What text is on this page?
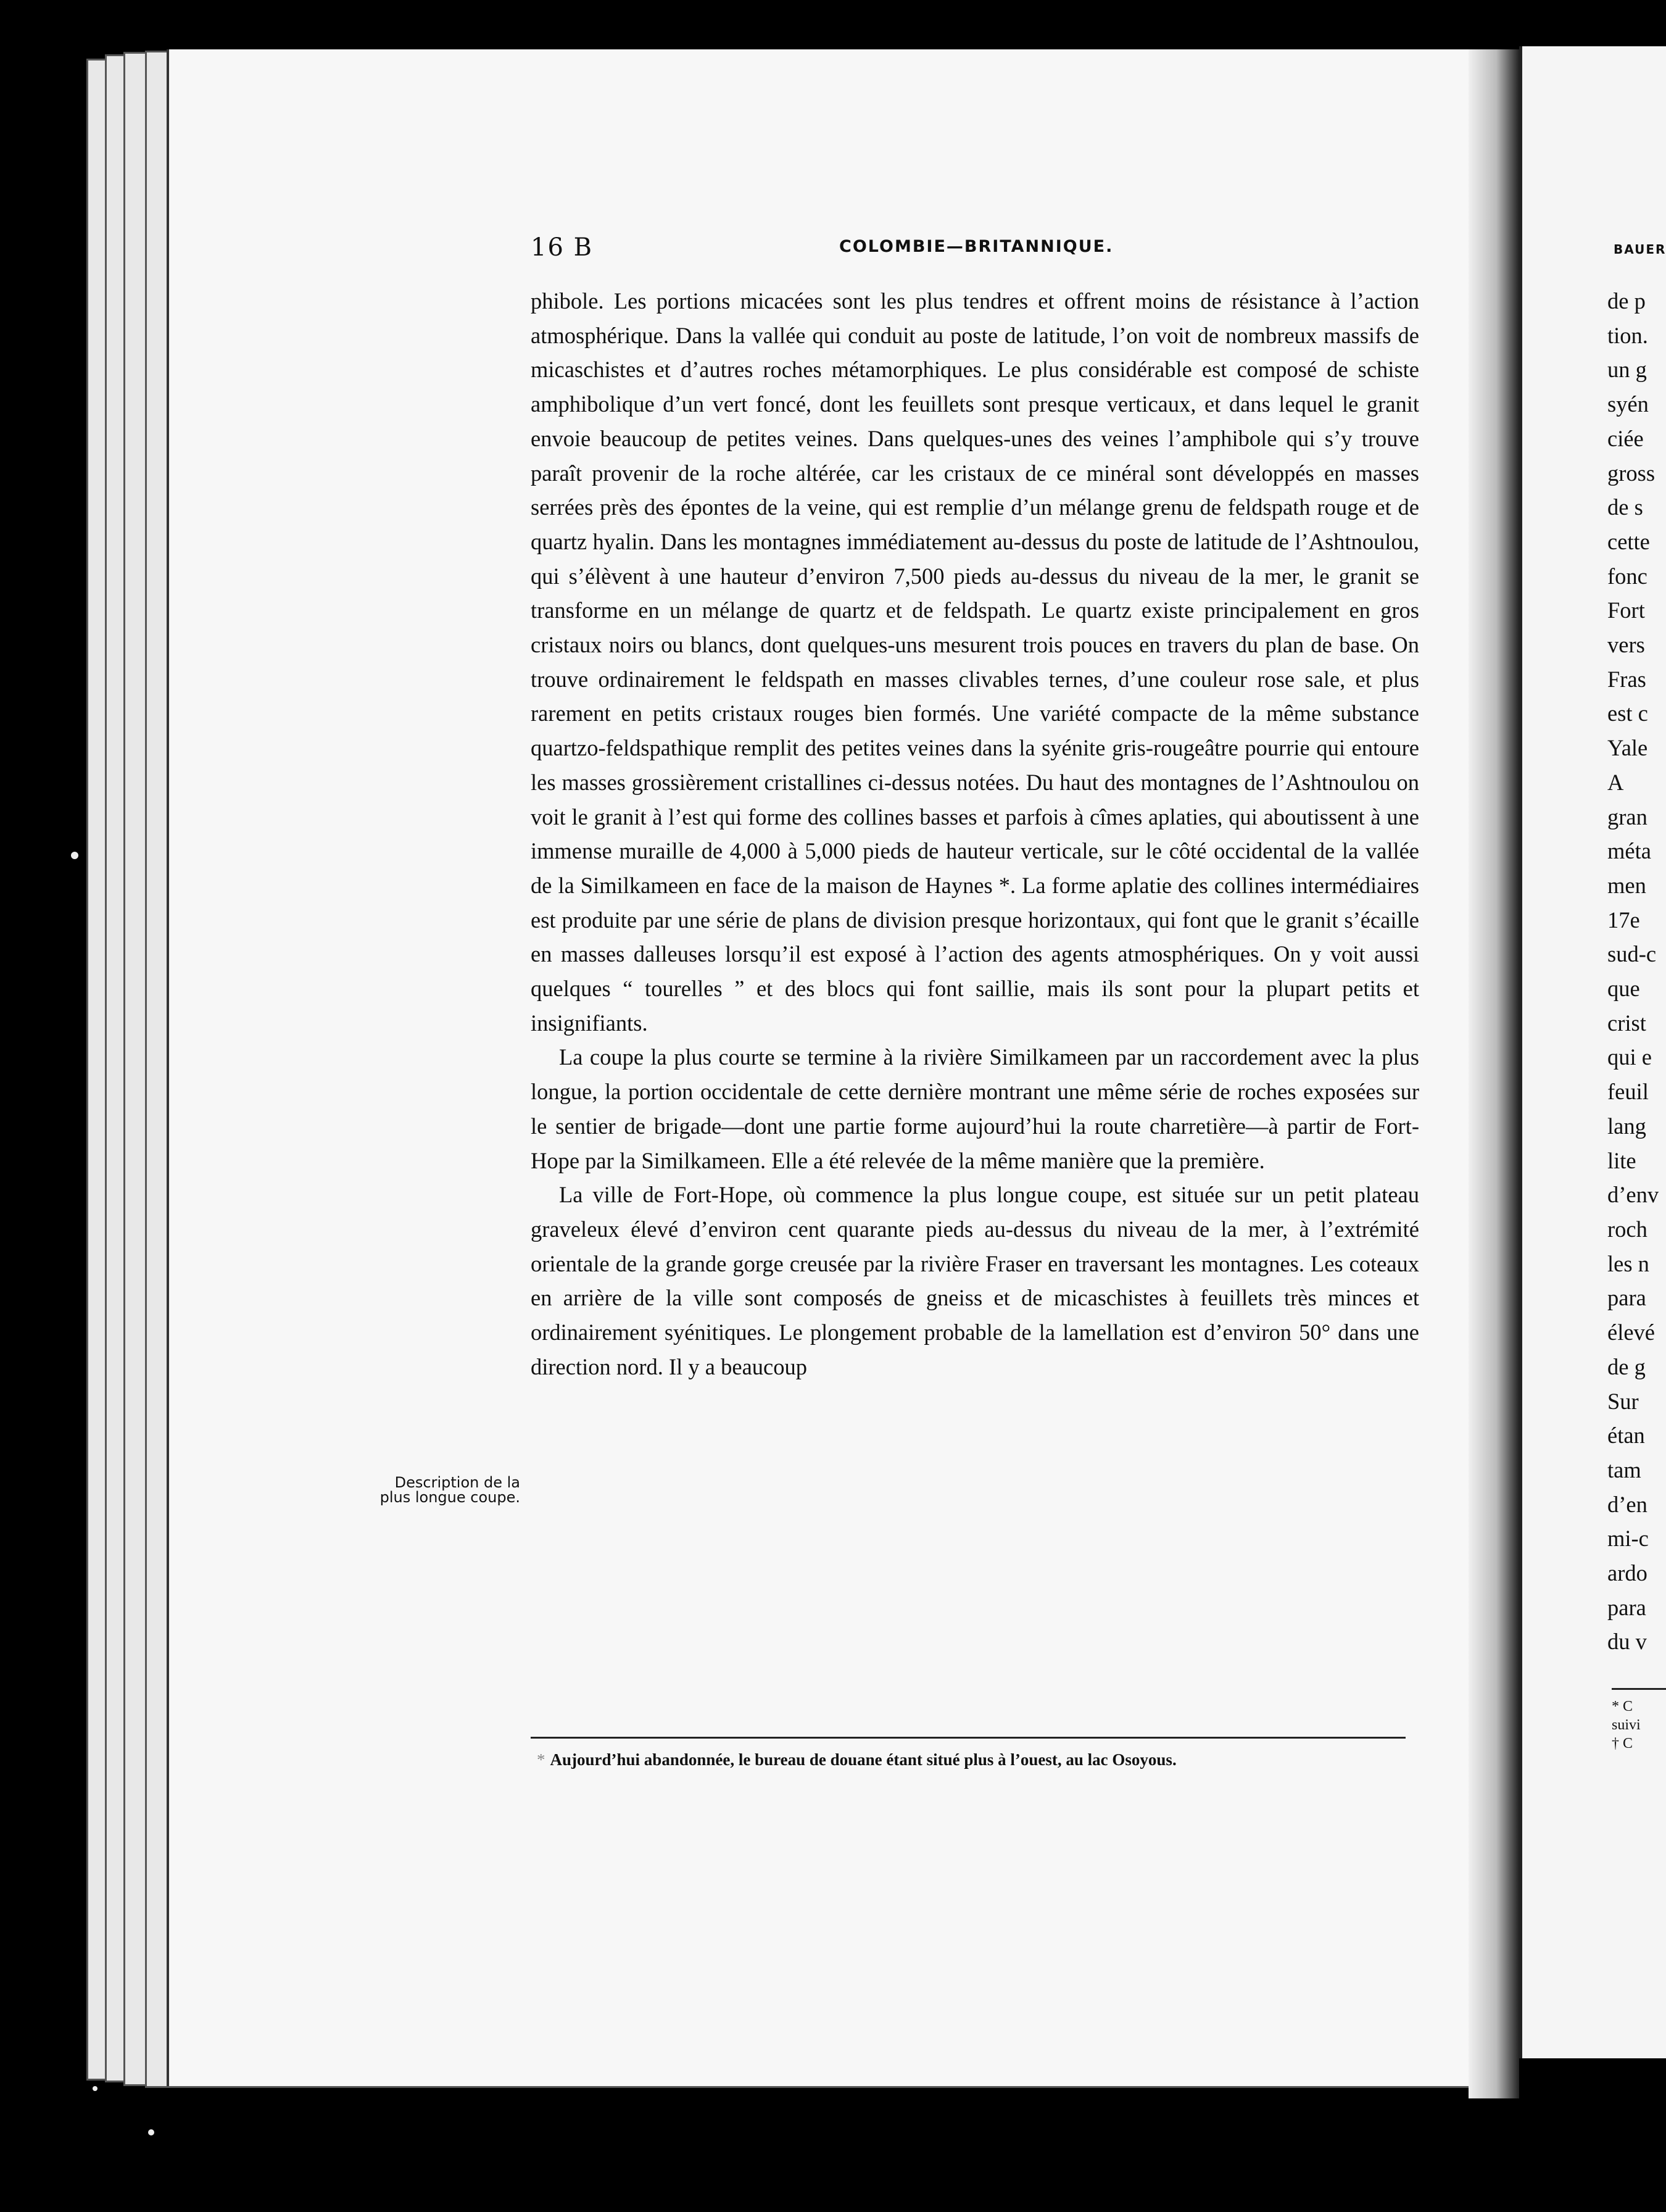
16 B	COLOMBIE—BRITANNIQUE.

phibole. Les portions micacées sont les plus tendres et offrent moins de résistance à l’action atmosphérique. Dans la vallée qui conduit au poste de latitude, l’on voit de nombreux massifs de micaschistes et d’autres roches métamorphiques. Le plus considérable est composé de schiste amphibolique d’un vert foncé, dont les feuillets sont presque verticaux, et dans lequel le granit envoie beaucoup de petites veines. Dans quelques-unes des veines l’amphibole qui s’y trouve paraît provenir de la roche altérée, car les cristaux de ce minéral sont développés en masses serrées près des épontes de la veine, qui est remplie d’un mélange grenu de feldspath rouge et de quartz hyalin. Dans les montagnes immédiatement au-dessus du poste de latitude de l’Ashtnoulou, qui s’élèvent à une hauteur d’environ 7,500 pieds au-dessus du niveau de la mer, le granit se transforme en un mélange de quartz et de feldspath. Le quartz existe principalement en gros cristaux noirs ou blancs, dont quelques-uns mesurent trois pouces en travers du plan de base. On trouve ordinairement le feldspath en masses clivables ternes, d’une couleur rose sale, et plus rarement en petits cristaux rouges bien formés. Une variété compacte de la même substance quartzo-feldspathique remplit des petites veines dans la syénite gris-rougeâtre pourrie qui entoure les masses grossièrement cristallines ci-dessus notées. Du haut des montagnes de l’Ashtnoulou on voit le granit à l’est qui forme des collines basses et parfois à cîmes aplaties, qui aboutissent à une immense muraille de 4,000 à 5,000 pieds de hauteur verticale, sur le côté occidental de la vallée de la Similkameen en face de la maison de Haynes *. La forme aplatie des collines intermédiaires est produite par une série de plans de division presque horizontaux, qui font que le granit s’écaille en masses dalleuses lorsqu’il est exposé à l’action des agents atmosphériques. On y voit aussi quelques “ tourelles ” et des blocs qui font saillie, mais ils sont pour la plupart petits et insignifiants.

La coupe la plus courte se termine à la rivière Similkameen par un raccordement avec la plus longue, la portion occidentale de cette dernière montrant une même série de roches exposées sur le sentier de brigade—dont une partie forme aujourd’hui la route charretière—à partir de Fort-Hope par la Similkameen. Elle a été relevée de la même manière que la première.

La ville de Fort-Hope, où commence la plus longue coupe, est située sur un petit plateau graveleux élevé d’environ cent quarante pieds au-dessus du niveau de la mer, à l’extrémité orientale de la grande gorge creusée par la rivière Fraser en traversant les montagnes. Les coteaux en arrière de la ville sont composés de gneiss et de micaschistes à feuillets très minces et ordinairement syénitiques. Le plongement probable de la lamellation est d’environ 50° dans une direction nord. Il y a beaucoup

Description de la plus longue coupe.
* Aujourd’hui abandonnée, le bureau de douane étant situé plus à l’ouest, au lac Osoyous.
BAUER
de p
tion.
un g
syén
ciée
gross
de s
cette
fonc
Fort
vers
Fras
est c
Yale
A
gran
méta
men
17e
sud-c
que
crist
qui e
feuil
lang
lite
d’env
roch
les n
para
élevé
de g
Sur
étan
tam
d’en
mi-c
ardo
para
du v
* C
suivi
† C
